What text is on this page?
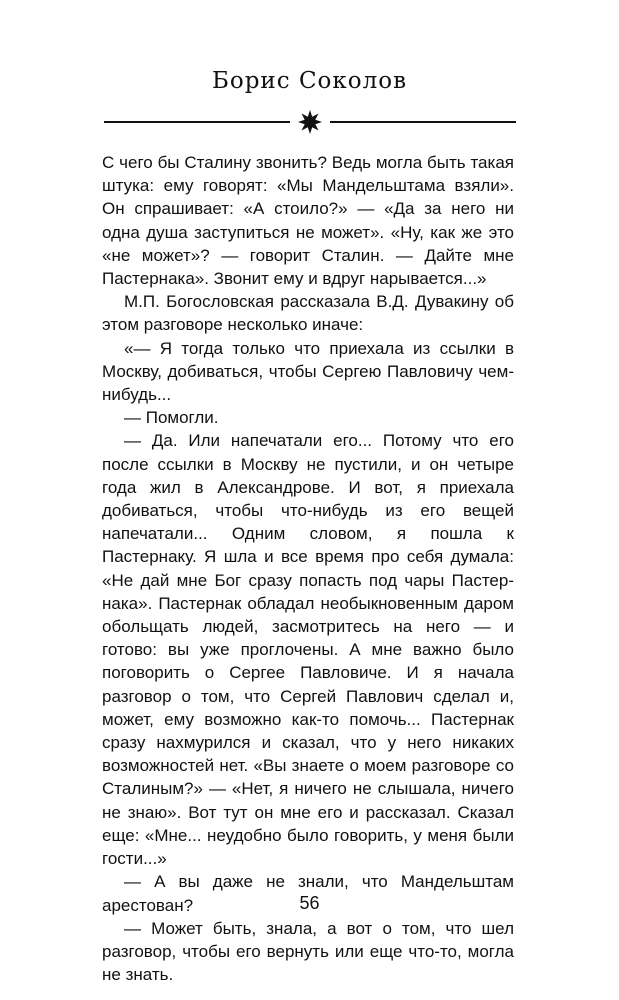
Борис Соколов

С чего бы Сталину звонить? Ведь могла быть такая штука: ему говорят: «Мы Мандельштама взяли». Он спрашивает: «А стоило?» — «Да за него ни одна душа заступиться не может». «Ну, как же это «не может»? — говорит Сталин. — Дайте мне Пастернака». Звонит ему и вдруг нарывается...»

М.П. Богословская рассказала В.Д. Дувакину об этом разговоре несколько иначе:

«— Я тогда только что приехала из ссылки в Москву, добиваться, чтобы Сергею Павловичу чем-нибудь...

— Помогли.

— Да. Или напечатали его... Потому что его после ссылки в Москву не пустили, и он четыре года жил в Александрове. И вот, я приехала добиваться, чтобы что-нибудь из его вещей напечатали... Одним словом, я пошла к Пастернаку. Я шла и все время про себя думала: «Не дай мне Бог сразу попасть под чары Пастернака». Пастернак обладал необыкновенным даром обольщать людей, засмотритесь на него — и готово: вы уже проглочены. А мне важно было поговорить о Сергее Павловиче. И я начала разговор о том, что Сергей Павлович сделал и, может, ему возможно как-то помочь... Пастернак сразу нахмурился и сказал, что у него никаких возможностей нет. «Вы знаете о моем разговоре со Сталиным?» — «Нет, я ничего не слышала, ничего не знаю». Вот тут он мне его и рассказал. Сказал еще: «Мне... неудобно было говорить, у меня были гости...»

— А вы даже не знали, что Мандельштам арестован?

— Может быть, знала, а вот о том, что шел разговор, чтобы его вернуть или еще что-то, могла не знать.

56
